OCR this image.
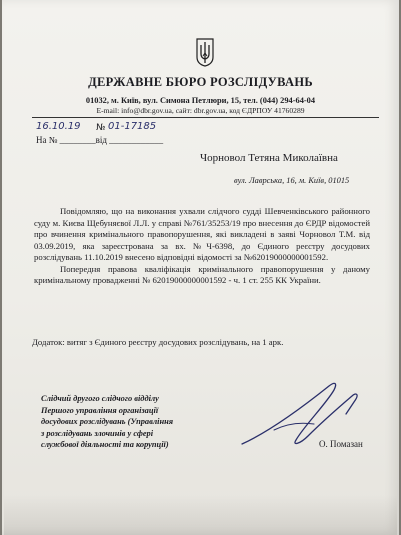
ДЕРЖАВНЕ БЮРО РОЗСЛІДУВАНЬ
01032, м. Київ, вул. Симона Петлюри, 15, тел. (044) 294-64-04
E-mail: info@dbr.gov.ua, сайт: dbr.gov.ua, код ЄДРПОУ 41760289
16.10.19 № 01-17185
На № ________від ____________
Чорновол Тетяна Миколаївна
вул. Лаврська, 16, м. Київ, 01015

Повідомляю, що на виконання ухвали слідчого судді Шевченківського районного суду м. Києва Щебуняєвої Л.Л. у справі №761/35253/19 про внесення до ЄРДР відомостей про вчинення кримінального правопорушення, які викладені в заяві Чорновол Т.М. від 03.09.2019, яка зареєстрована за вх. №Ч-6398, до Єдиного реєстру досудових розслідувань 11.10.2019 внесено відповідні відомості за №62019000000001592.

Попередня правова кваліфікація кримінального правопорушення у даному кримінальному провадженні № 62019000000001592 - ч. 1 ст. 255 КК України.

Додаток: витяг з Єдиного реєстру досудових розслідувань, на 1 арк.
Слідчий другого слідчого відділу
Першого управління організації
досудових розслідувань (Управління
з розслідувань злочинів у сфері
службової діяльності та корупції)	О. Помазан
